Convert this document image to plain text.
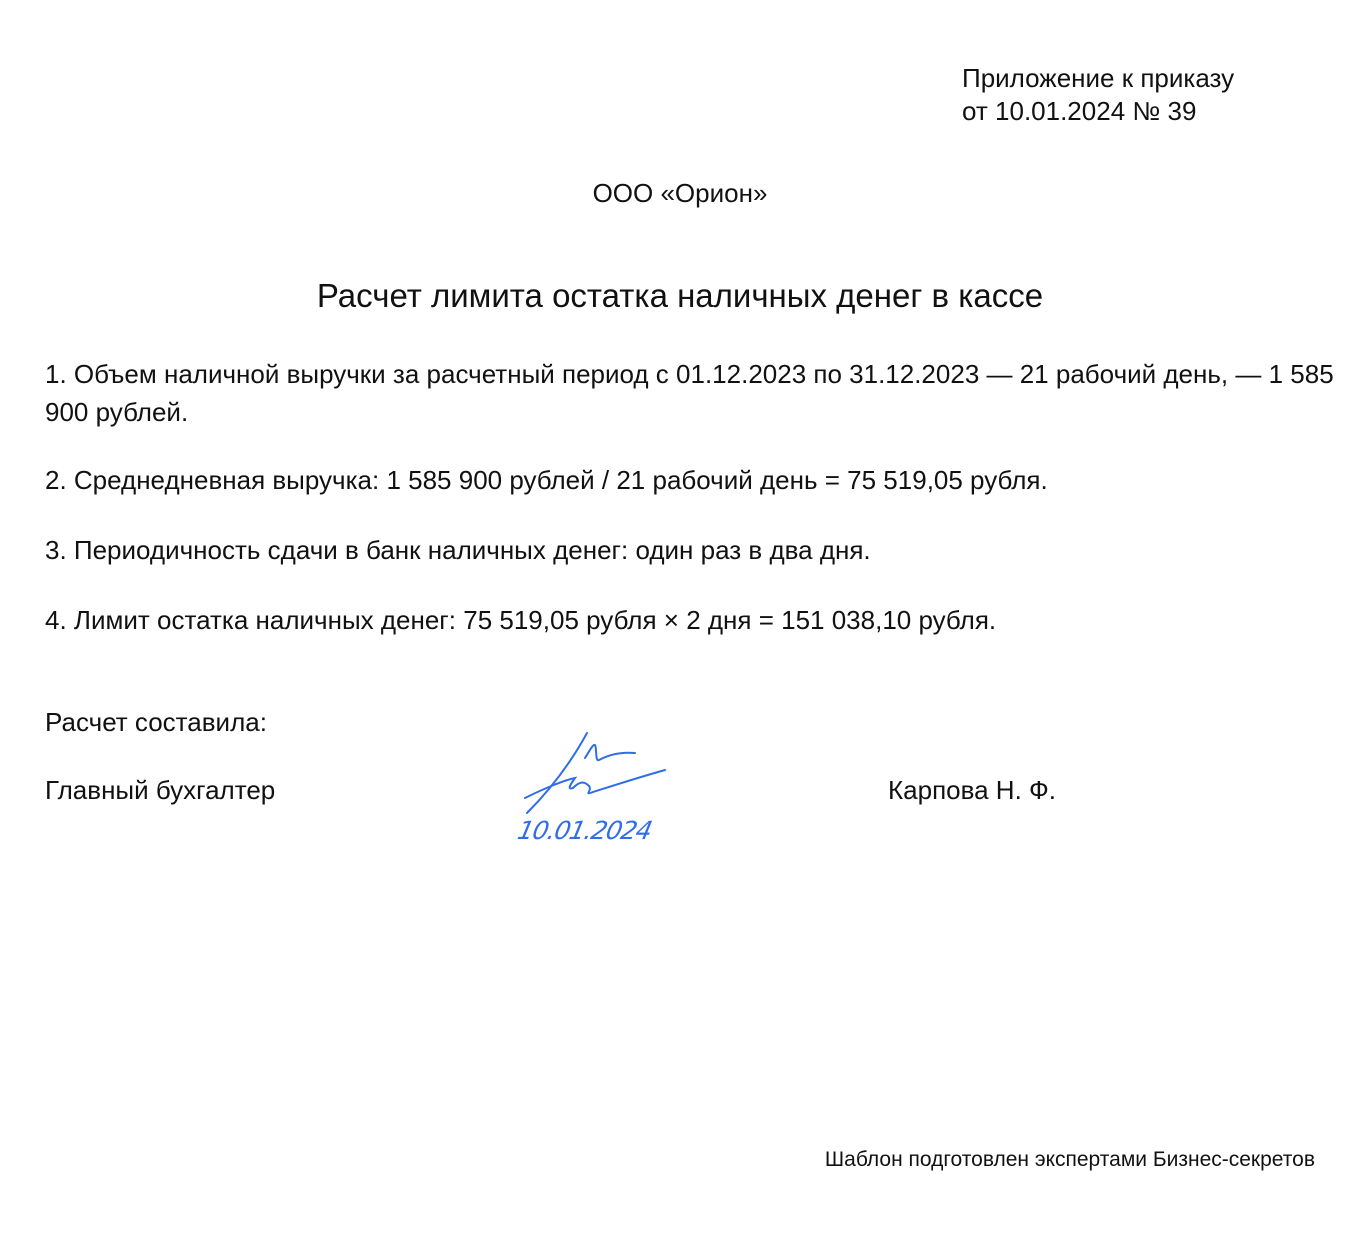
Приложение к приказу
от 10.01.2024 № 39
ООО «Орион»
Расчет лимита остатка наличных денег в кассе
1. Объем наличной выручки за расчетный период с 01.12.2023 по 31.12.2023 — 21 рабочий день, — 1 585 900 рублей.
2. Среднедневная выручка: 1 585 900 рублей / 21 рабочий день = 75 519,05 рубля.
3. Периодичность сдачи в банк наличных денег: один раз в два дня.
4. Лимит остатка наличных денег: 75 519,05 рубля × 2 дня = 151 038,10 рубля.
Расчет составила:
Главный бухгалтер	Карпова Н. Ф.
10.01.2024
Шаблон подготовлен экспертами Бизнес-секретов
